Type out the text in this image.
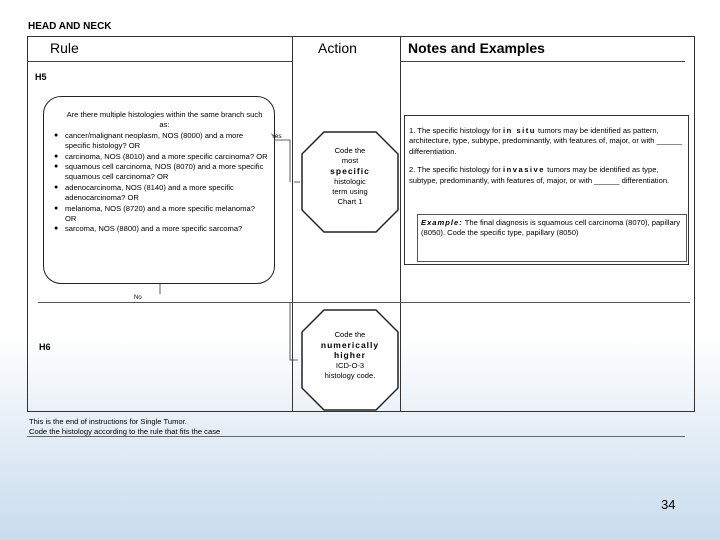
HEAD AND NECK
Rule	Action	Notes and Examples
H5
H6
Are there multiple histologies within the same branch such as:
● cancer/malignant neoplasm, NOS (8000) and a more specific histology? OR
● carcinoma, NOS (8010) and a more specific carcinoma? OR
● squamous cell carcinoma, NOS (8070) and a more specific squamous cell carcinoma? OR
● adenocarcinoma, NOS (8140) and a more specific adenocarcinoma? OR
● melanoma, NOS (8720) and a more specific melanoma? OR
● sarcoma, NOS (8800) and a more specific sarcoma?
Yes
No
Code the
most
specific
histologic
term using
Chart 1
Code the
numerically
higher
ICD-O-3
histology code.

1. The specific histology for in situ tumors may be identified as pattern, architecture, type, subtype, predominantly, with features of, major, or with ______ differentiation.

2. The specific histology for invasive tumors may be identified as type, subtype, predominantly, with features of, major, or with ______ differentiation.

Example: The final diagnosis is squamous cell carcinoma (8070), papillary (8050). Code the specific type, papillary (8050)
This is the end of instructions for Single Tumor.
Code the histology according to the rule that fits the case
34
